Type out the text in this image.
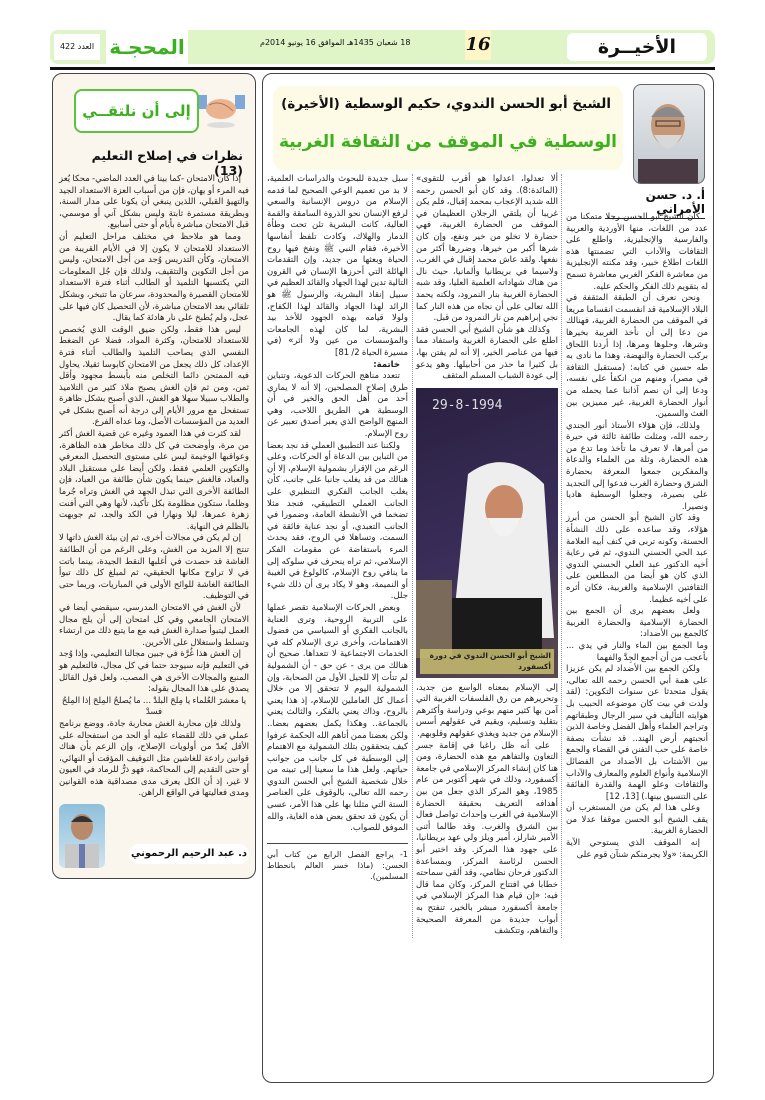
الأخيــرة
16
18 شعبان 1435هـ الموافق 16 يونيو 2014م
المحجـة
العدد 422
إلى أن نلتقــي
نظرات في إصلاح التعليم (13)

إذا كان الامتحان -كما بينا في العدد الماضي- محكا يُعز فيه المرء أو يهان، فإن من أسباب العزة الاستعداد الجيد والتهيؤ القبلي، اللذين ينبغي أن يكونا على مدار السنة، وبطريقة مستمرة ثابتة وليس بشكل آني أو موسمي، قبل الامتحان مباشرة بأيام أو حتى أسابيع.

ومما هو ملاحظ في مختلف مراحل التعليم أن الاستعداد للامتحان لا يكون إلا في الأيام القريبة من الامتحان، وكأن التدريس وُجد من أجل الامتحان، وليس من أجل التكوين والتثقيف، ولذلك فإن جُل المعلومات التي يكتسبها التلميذ أو الطالب أثناء فترة الاستعداد للامتحان القصيرة والمحدودة، سرعان ما تتبخر، وبشكل تلقائي بعد الامتحان مباشرة، لأن التحصيل كان فيها على عجل، ولم يُطبخ على نار هادئة كما يقال.

ليس هذا فقط، ولكن ضيق الوقت الذي يُخصص للاستعداد للامتحان، وكثرة المواد، فضلا عن الضغط النفسي الذي يصاحب التلميذ والطالب أثناء فترة الإعداد، كل ذلك يجعل من الامتحان كابوسا ثقيلا، يحاول فيه الممتحن دائما التخلص منه بأبسط مجهود وأقل ثمن، ومن ثم فإن الغش يصبح ملاذ كثير من التلاميذ والطلاب سبيلا سهلا هو الغش، الذي أصبح بشكل ظاهرة تستفحل مع مرور الأيام إلى درجة أنه أصبح بشكل في العديد من المؤسسات الأصل، وما عداه الفرع.

لقد كثرت في هذا العمود وغيره عن قضية الغش أكثر من مرة، وأوضحت في كل ذلك مخاطر هذه الظاهرة، وعواقبها الوخيمة ليس على مستوى التحصيل المعرفي والتكوين العلمي فقط، ولكن أيضا على مستقبل البلاد والعباد، فالغش حينما يكون شأن طائفة من العباد، فإن الطائفة الأخرى التي تبذل الجهد في الغش وتراه جُرما وظلما، ستكون مظلومة بكل تأكيد، لأنها وهي التي أفنت زهرة عمرها، ليلا ونهارا في الكد والجد، ثم جوبهت بالظلم في النهاية.

إن لم يكن في مجالات أخرى، ثم إن بيئة الغش ذاتها لا تنتج إلا المزيد من الغش، وعلى الرغم من أن الطائفة الغاشة قد حصدت في أغلبها النقط الجيدة، بينما باتت في لا تراوح مكانها الحقيقي، ثم لمبلغ كل ذلك تبوأ الطائفة الغاشة للوائح الأولى في المباريات، وربما حتى في التوظيف.

لأن الغش في الامتحان المدرسي، سيقضي أيضا في الامتحان الجامعي وفي كل امتحان إلى أن يلج مجال العمل ليتبوأ صدارة الغش فيه مع ما يتبع ذلك من ارتشاء وتسلط واستغلال على الأخرين.

إن الغش هذا غُرَّة في جبين مجالنا التعليمي، وإذا وُجد في التعليم فإنه سيوجد حتما في كل مجال، فالتعليم هو المنبع والمجالات الأخرى هي المصب، ولعل قول القائل يصدق على هذا المجال بقوله:

يا معشرَ العُلماء يا مِلحَ البلدْ ... ما يُصلحُ المِلحَ إذا المِلحُ فسدْ

ولذلك فإن محاربة الغش محاربة جادة، ووضع برنامج عملي في ذلك للقضاء عليه أو الحد من استفحاله على الأقل يُعدّ من أولويات الإصلاح، وإن الزعم بأن هناك قوانين رادعة للغاشين مثل التوقيف المؤقت أو النهائي، أو حتى التقديم إلى المحاكمة، فهو ذرٌّ للرماد في العيون لا غير، إذ أن الكل يعرف مدى مصداقية هذه القوانين ومدى فعاليتها في الواقع الراهن.

د. عبد الرحيم الرحموني
أ. د. حسن الأمراني
الشيخ أبو الحسن الندوي، حكيم الوسطية (الأخيرة)
الوسطية في الموقف من الثقافة الغربية

كان الشيخ أبو الحسن رجلا متمكنا من عدد من اللغات، منها الأوردية والعربية والفارسية والإنجليزية، واطلع على الثقافات والآداب التي تضمنتها هذه اللغات اطلاع خبير، وقد مكنته الإنجليزية من معاشرة الفكر الغربي معاشرة تسمح له بتقويم ذلك الفكر والحكم عليه.

ونحن نعرف أن الطبقة المثقفة في البلاد الإسلامية قد انقسمت انقساما مريعا في الموقف من الحضارة الغربية، فهنالك من دعا إلى أن نأخذ الغربية بخيرها وشرها، وحلوها ومرها، إذا أردنا اللحاق بركب الحضارة والنهضة، وهذا ما نادى به طه حسين في كتابه: (مستقبل الثقافة في مصر)، ومنهم من انكفأ على نفسه، ودعا إلى أن نصم آذاننا عما يحمله من أنوار الحضارة الغربية، غير مميزين بين الغث والسمين.

ولذلك، فإن هؤلاء الأستاذ أنور الجندي رحمه الله، ومثلت طائفة ثالثة في حيرة من أمرها، لا تعرف ما تأخذ وما تدع من هذه الحضارة، وثلة من العلماء والدعاة والمفكرين جمعوا المعرفة بحضارة الشرق وحضارة الغرب فدعوا إلى التجديد على بصيرة، وجعلوا الوسطية هاديا ونصيرا.

وقد كان الشيخ أبو الحسن من أبرز هؤلاء، وقد ساعده على ذلك النشأة الحسنة، وكونه تربى في كنف أبيه العلامة عبد الحي الحسني الندوي، ثم في رعاية أخيه الدكتور عبد العلي الحسني الندوي الذي كان هو أيضا من المطلعين على الثقافتين الإسلامية والغربية، فكان أثره على أخيه عظيما.

ولعل بعضهم يرى أن الجمع بين الحضارة الإسلامية والحضارة الغربية كالجمع بين الأضداد:

وما الجمع بين الماء والنار في يدي ... بأعجب من أن أجمع الجِدَّ والفهما

ولكن الجمع بين الأضداد لم يكن عزيزا على همة أبي الحسن رحمه الله تعالى، يقول متحدثا عن سنوات التكوين: (لقد ولدت في بيت كان موضوعه الحبيب بل هوايته التأليف في سير الرجال وطبقاتهم وتراجم العلماء وأهل الفضل وخاصة الذين أنجبتهم أرض الهند.. قد نشأت بصفة خاصة على حب التفنن في القضاء والجمع بين الأشتات بل الأضداد من الفضائل الإسلامية وأنواع العلوم والمعارف والآداب والثقافات وعلو الهمة والقدرة الفائقة على التنسيق بينها.) [13، 12]

وعلى هذا لم يكن من المستغرب أن يقف الشيخ أبو الحسن موقفا عدلا من الحضارة الغربية.

إنه الموقف الذي يستوحي الآية الكريمة: «ولا يجرمنكم شنآن قوم على

ألا تعدلوا، اعدلوا هو أقرب للتقوى» (المائدة:8). وقد كان أبو الحسن رحمه الله شديد الإعجاب بمحمد إقبال، فلم يكن غريبا أن يلتقي الرجلان العظيمان في الموقف من الحضارة الغربية، فهي حضارة لا تخلو من خير ونفع، وإن كان شرها أكبر من خيرها، وضررها أكثر من نفعها. ولقد عاش محمد إقبال في الغرب، ولاسيما في بريطانيا وألمانيا، حيث نال من هناك شهاداته العلمية العليا، وقد شبه الحضارة الغربية بنار النمرود، ولكنه يحمد الله تعالى على أن نجاه من هذه النار كما نجي إبراهيم من نار النمرود من قبل.

وكذلك هو شأن الشيخ أبي الحسن فقد اطلع على الحضارة الغربية واستفاد مما فيها من عناصر الخير، إلا أنه لم يفتن بها، بل كثيرا ما حذر من أحابيلها. وهو يدعو إلى عودة الشباب المسلم المثقف

29-8-1994
الشيخ أبو الحسن الندوي في دورة أكسفورد

إلى الإسلام بمعناه الواسع من جديد، وتحريرهم من رق الفلسفات الغربية التي آمن بها كثير منهم بوعي ودراسة وأكثرهم بتقليد وتسليم، ويقيم في عقولهم أسس الإسلام من جديد ويغذي عقولهم وقلوبهم.

على أنه ظل راغبا في إقامة جسر التعاون والتفاهم مع هذه الحضارة، ومن هنا كان إنشاء المركز الإسلامي في جامعة أكسفورد، وذلك في شهر أكتوبر من عام 1985، وهو المركز الذي جعل من بين أهدافه التعريف بحقيقة الحضارة الإسلامية في الغرب وإحداث تواصل فعال بين الشرق والغرب. وقد طالما أثنى الأمير شارلز، أمير ويلز ولي عهد بريطانيا، على جهود هذا المركز. وقد اختير أبو الحسن لرئاسة المركز، وبمساعدة الدكتور فرحان نظامي، وقد ألقى سماحته خطابا في افتتاح المركز، وكان مما قال فيه: «إن قيام هذا المركز الإسلامي في جامعة أكسفورد مبشر بالخير، تنفتح به أبواب جديدة من المعرفة الصحيحة والتفاهم، وتتكشف

سبل جديدة للبحوث والدراسات العلمية، لا بد من تعميم الوعي الصحيح لما قدمه الإسلام من دروس الإنسانية والسعي لرفع الإنسان نحو الذروة السامقة والقمة العالية، كانت البشرية تئن تحت وطأة الدمار والهلاك، وكادت تلفظ أنفاسها الأخيرة، فقام النبي ﷺ ونفخ فيها روح الحياة وبعثها من جديد، وإن التقدمات الهائلة التي أحرزها الإنسان في القرون التالية تدين لهذا الجهاد والقائد العظيم في سبيل إنقاذ البشرية، والرسول ﷺ هو الرائد لهذا الجهاد والقائد لهذا الكفاح، ولولا قيامه بهذه الجهود للأخذ بيد البشرية، لما كان لهذه الجامعات والمؤسسات من عين ولا أثر» (في مسيرة الحياة 2/ 81]

خاتمة:

تتعدد مناهج الحركات الدعوية، وتتباين طرق إصلاح المصلحين، إلا أنه لا يماري أحد من أهل الحق والخير في أن الوسطية هي الطريق اللاحب، وهي المنهج الواضح الذي يعبر أصدق تعبير عن روح الإسلام.

ولكننا عند التطبيق العملي قد نجد بعضا من التباين بين الدعاة أو الحركات، وعلى الرغم من الإقرار بشمولية الإسلام، إلا أن هنالك من قد يغلب جانبا على جانب، كأن يغلب الجانب الفكري التنظيري على الجانب العملي التطبيقي، فنجد مثلا تضخما في الأنشطة العامة، وضمورا في الجانب التعبدي، أو نجد عناية فائقة في السمت، وتساهلا في الروح، فقد يحدث المرء باستفاضة عن مقومات الفكر الإسلامي، ثم تراه ينحرف في سلوكه إلى ما ينافي روح الإسلام، كالولوغ في الغيبة أو النميمة، وهو لا يكاد يرى أن ذلك شيء جلل.

وبعض الحركات الإسلامية تقصر عملها على التربية الروحية، وترى العناية بالجانب الفكري أو السياسي من فضول الاهتمامات، وأخرى ترى الإسلام كله في الخدمات الاجتماعية لا تتعداها. صحيح أن هنالك من يرى - عن حق - أن الشمولية لم تتأت إلا للجيل الأول من الصحابة، وإن الشمولية اليوم لا تتحقق إلا من خلال أعمال كل العاملين للإسلام، إذ هذا يعني بالروح، وذاك يعني بالفكر، والثالث يعني بالجماعة.. وهكذا يكمل بعضهم بعضا.. ولكن بعضنا ممن أتاهم الله الحكمة عرفوا كيف يتحققون بتلك الشمولية مع الاهتمام إلى الوسطية في كل جانب من جوانب حياتهم. ولعل هذا ما سعينا إلى تبينه من خلال شخصية الشيخ أبي الحسن الندوي رحمه الله تعالى، بالوقوف على العناصر الستة التي مثلنا بها على هذا الأمر، عسى أن يكون قد تحقق بعض هذه الغاية، والله الموفق للصواب.

1- يراجع الفصل الرابع من كتاب أبي الحسن: (ماذا خسر العالم بانحطاط المسلمين).
